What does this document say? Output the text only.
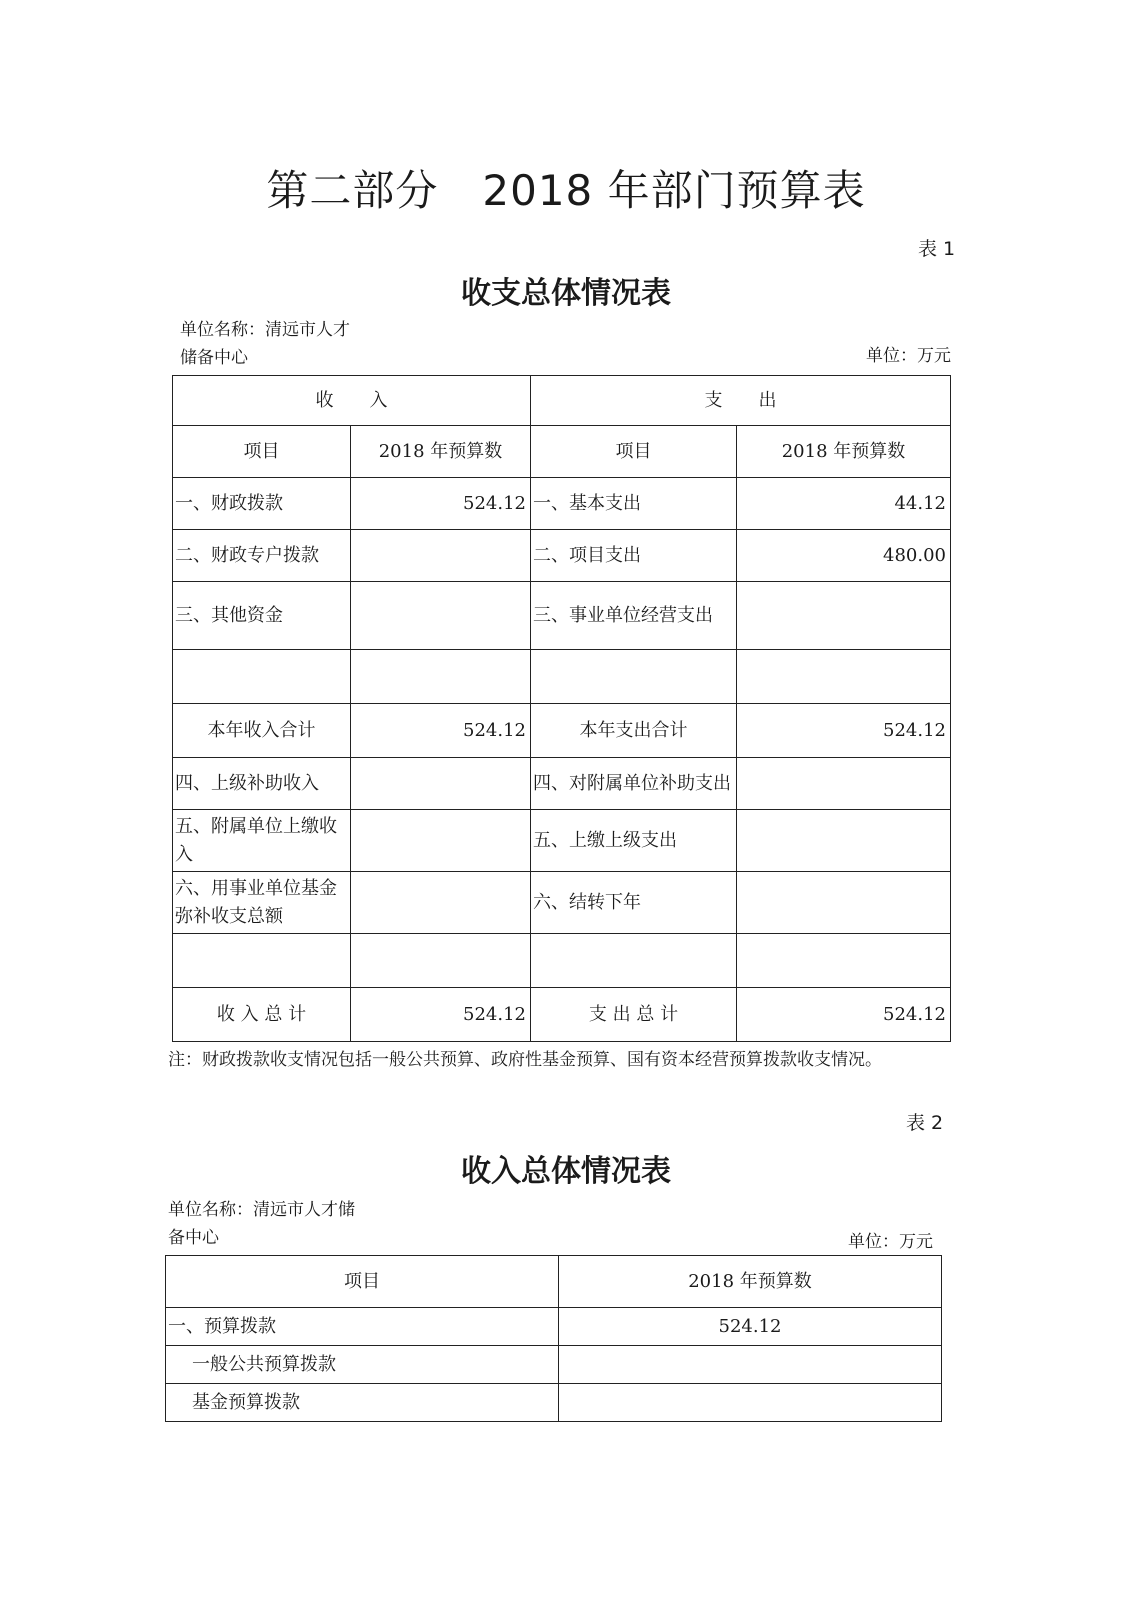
第二部分 2018 年部门预算表
表 1
收支总体情况表
单位名称：清远市人才
储备中心	单位：万元
收　　入		支　　出	
项目	2018 年预算数	项目	2018 年预算数
一、财政拨款	524.12	一、基本支出	44.12
二、财政专户拨款		二、项目支出	480.00
三、其他资金		三、事业单位经营支出	

本年收入合计	524.12	本年支出合计	524.12
四、上级补助收入		四、对附属单位补助支出	
五、附属单位上缴收入		五、上缴上级支出	
六、用事业单位基金弥补收支总额		六、结转下年	

收 入 总 计	524.12	支 出 总 计	524.12
注：财政拨款收支情况包括一般公共预算、政府性基金预算、国有资本经营预算拨款收支情况。
表 2
收入总体情况表
单位名称：清远市人才储
备中心	单位：万元
项目	2018 年预算数
一、预算拨款	524.12
一般公共预算拨款	
基金预算拨款	
